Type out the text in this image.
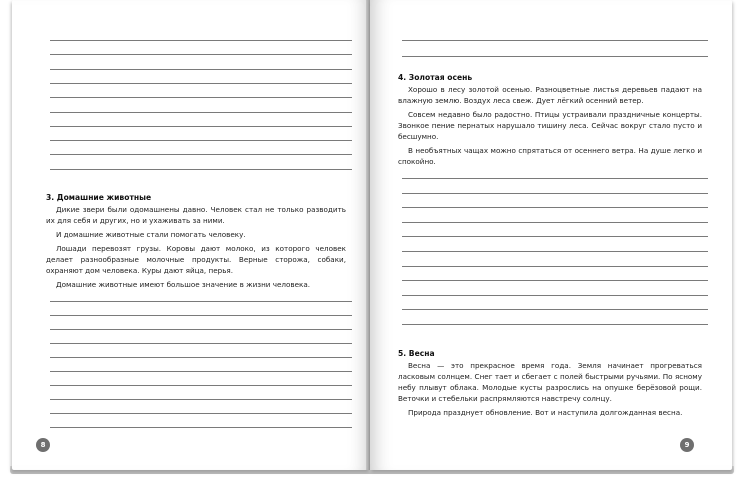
3. Домашние животные

Дикие звери были одомашнены давно. Человек стал не только разводить их для себя и других, но и ухаживать за ними.

И домашние животные стали помогать человеку.

Лошади перевозят грузы. Коровы дают молоко, из которого человек делает разнообразные молочные продукты. Верные сторожа, собаки, охраняют дом человека. Куры дают яйца, перья.

Домашние животные имеют большое значение в жизни человека.

8
4. Золотая осень

Хорошо в лесу золотой осенью. Разноцветные листья деревьев падают на влажную землю. Воздух леса свеж. Дует лёгкий осенний ветер.

Совсем недавно было радостно. Птицы устраивали праздничные концерты. Звонкое пение пернатых нарушало тишину леса. Сейчас вокруг стало пусто и бесшумно.

В необъятных чащах можно спрятаться от осеннего ветра. На душе легко и спокойно.

5. Весна

Весна — это прекрасное время года. Земля начинает прогреваться ласковым солнцем. Снег тает и сбегает с полей быстрыми ручьями. По ясному небу плывут облака. Молодые кусты разрослись на опушке берёзовой рощи. Веточки и стебельки распрямляются навстречу солнцу.

Природа празднует обновление. Вот и наступила долгожданная весна.

9
